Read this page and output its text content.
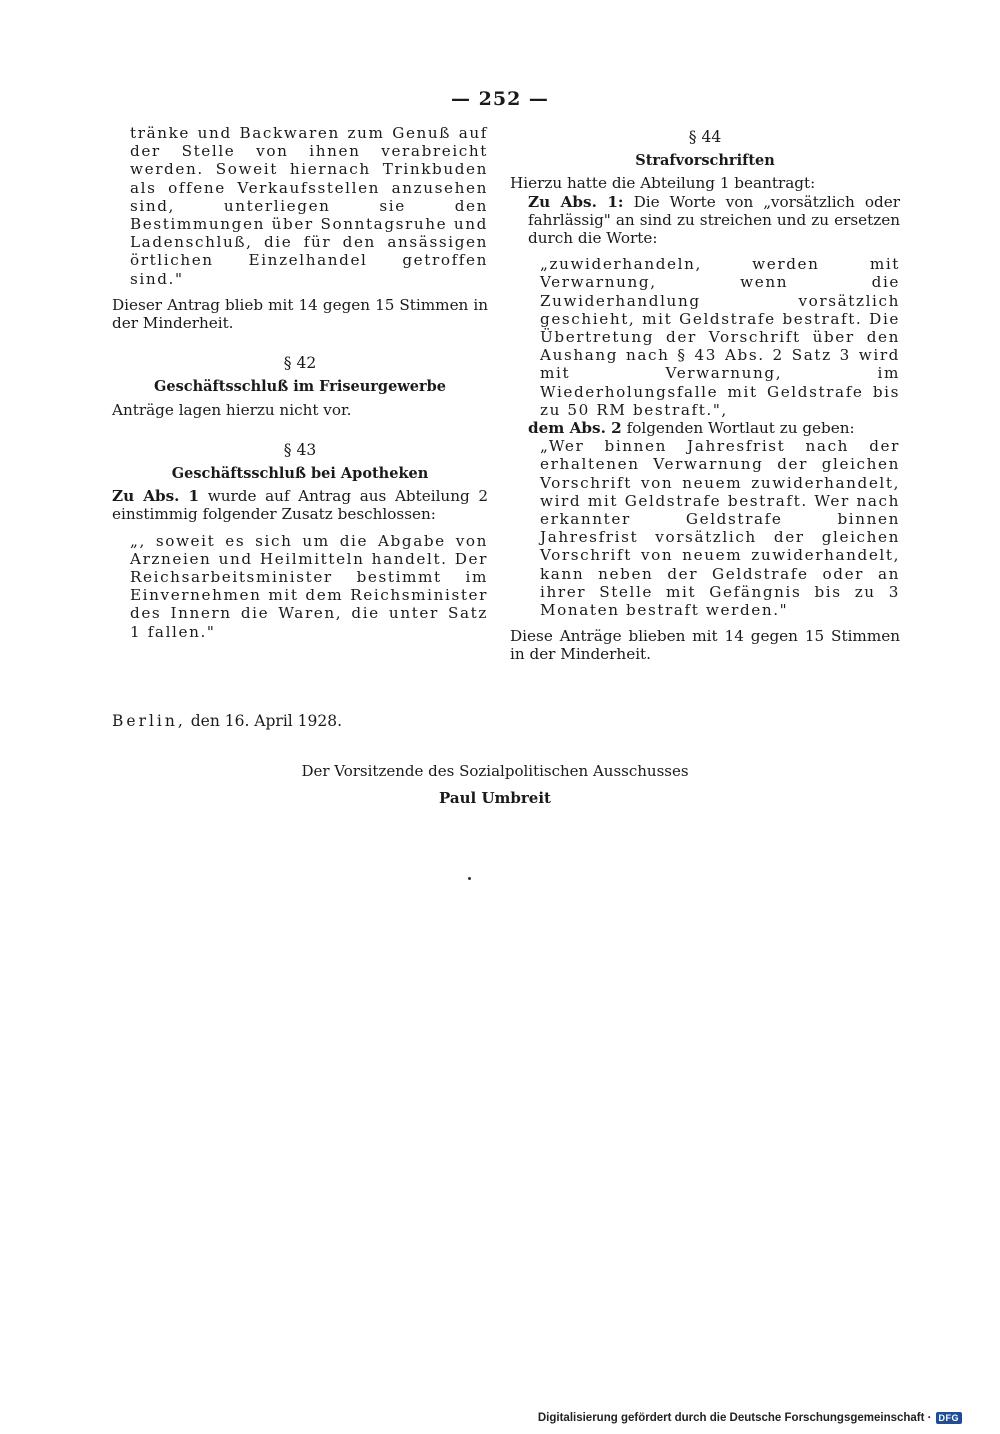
— 252 —

tränke und Backwaren zum Genuß auf der Stelle von ihnen verabreicht werden. Soweit hiernach Trinkbuden als offene Verkaufsstellen anzusehen sind, unterliegen sie den Bestimmungen über Sonntagsruhe und Ladenschluß, die für den ansässigen örtlichen Einzelhandel getroffen sind."

Dieser Antrag blieb mit 14 gegen 15 Stimmen in der Minderheit.

§ 42
Geschäftsschluß im Friseurgewerbe

Anträge lagen hierzu nicht vor.

§ 43
Geschäftsschluß bei Apotheken

Zu Abs. 1 wurde auf Antrag aus Abteilung 2 einstimmig folgender Zusatz beschlossen:

„, soweit es sich um die Abgabe von Arzneien und Heilmitteln handelt. Der Reichsarbeitsminister bestimmt im Einvernehmen mit dem Reichsminister des Innern die Waren, die unter Satz 1 fallen."

§ 44
Strafvorschriften

Hierzu hatte die Abteilung 1 beantragt:

Zu Abs. 1: Die Worte von „vorsätzlich oder fahrlässig" an sind zu streichen und zu ersetzen durch die Worte:

„zuwiderhandeln, werden mit Verwarnung, wenn die Zuwiderhandlung vorsätzlich geschieht, mit Geldstrafe bestraft. Die Übertretung der Vorschrift über den Aushang nach § 43 Abs. 2 Satz 3 wird mit Verwarnung, im Wiederholungsfalle mit Geldstrafe bis zu 50 RM bestraft.",

dem Abs. 2 folgenden Wortlaut zu geben:

„Wer binnen Jahresfrist nach der erhaltenen Verwarnung der gleichen Vorschrift von neuem zuwiderhandelt, wird mit Geldstrafe bestraft. Wer nach erkannter Geldstrafe binnen Jahresfrist vorsätzlich der gleichen Vorschrift von neuem zuwiderhandelt, kann neben der Geldstrafe oder an ihrer Stelle mit Gefängnis bis zu 3 Monaten bestraft werden."

Diese Anträge blieben mit 14 gegen 15 Stimmen in der Minderheit.

Berlin, den 16. April 1928.
Der Vorsitzende des Sozialpolitischen Ausschusses
Paul Umbreit
Digitalisierung gefördert durch die Deutsche Forschungsgemeinschaft · DFG
